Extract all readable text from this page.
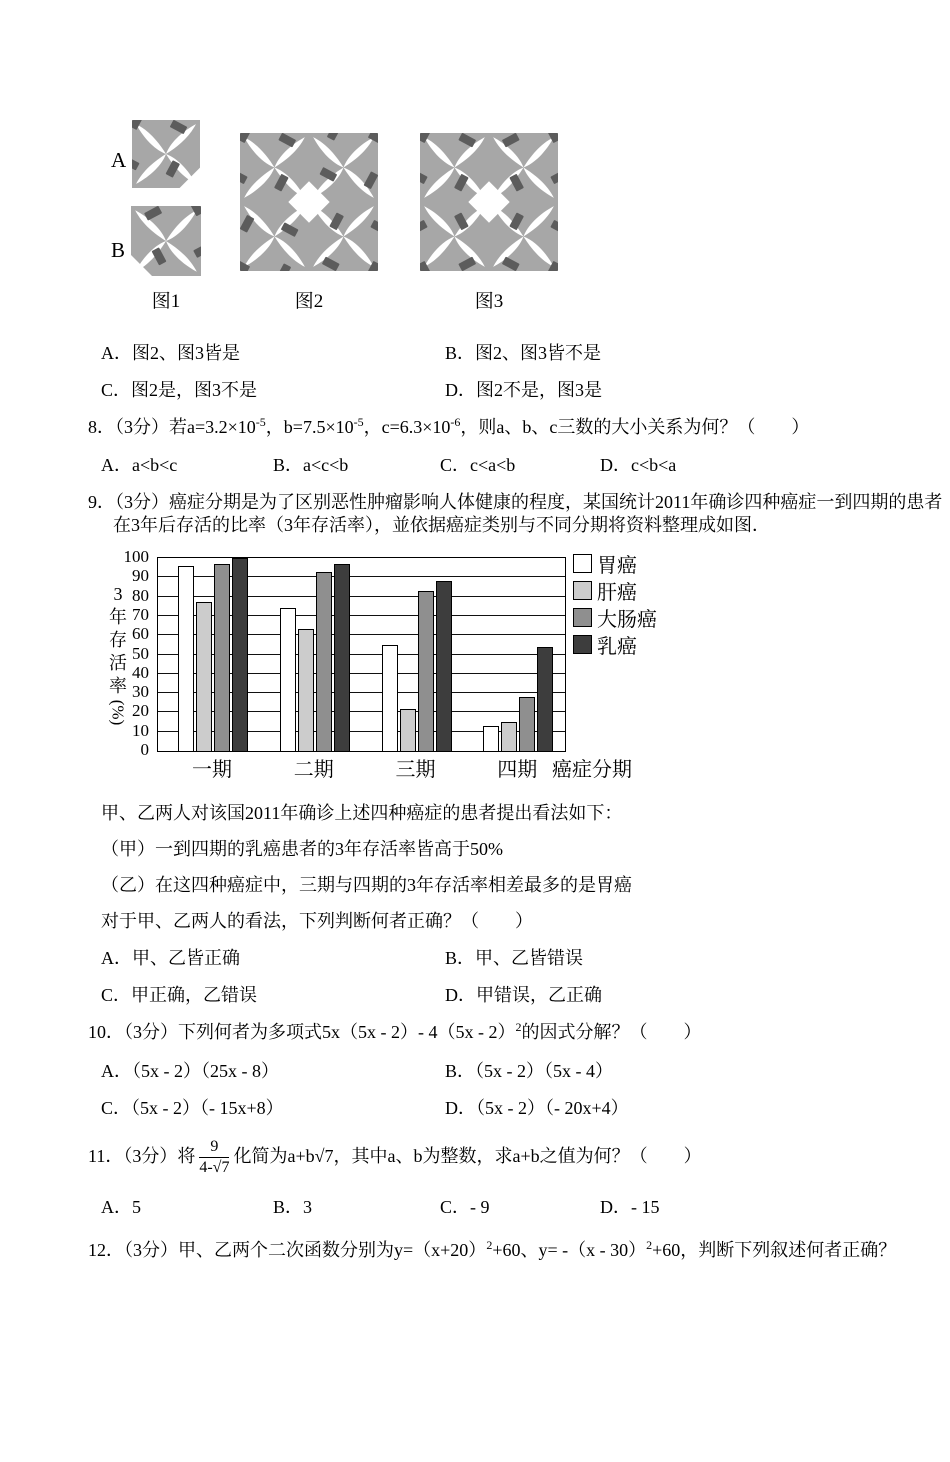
A
B
图1	图2	图3
A．图2、图3皆是	B．图2、图3皆不是
C．图2是，图3不是	D．图2不是，图3是

8．（3分）若$a=3.2\times 10^{-5}$，$b=7.5\times 10^{-5}$，$c=6.3\times 10^{-6}$，则a、b、c三数的大小关系为何？（　　）

A．a<b<c	B．a<c<b	C．c<a<b	D．c<b<a

9．（3分）癌症分期是为了区别恶性肿瘤影响人体健康的程度，某国统计2011年确诊四种癌症一到四期的患者在3年后存活的比率（3年存活率），並依据癌症类别与不同分期将资料整理成如图．

3
年
存
活
率
(%)
0
10
20
30
40
50
60
70
80
90
100
一期	二期	三期	四期 癌症分期
胃癌
肝癌
大肠癌
乳癌

甲、乙两人对该国2011年确诊上述四种癌症的患者提出看法如下：

（甲）一到四期的乳癌患者的3年存活率皆高于50%

（乙）在这四种癌症中，三期与四期的3年存活率相差最多的是胃癌

对于甲、乙两人的看法，下列判断何者正确？（　　）

A．甲、乙皆正确	B．甲、乙皆错误
C．甲正确，乙错误	D．甲错误，乙正确

10．（3分）下列何者为多项式5x（5x - 2）- 4（5x - 2）$^2$的因式分解？（　　）

A．（5x - 2）（25x - 8）	B．（5x - 2）（5x - 4）
C．（5x - 2）（- 15x+8）	D．（5x - 2）（- 20x+4）

11．（3分）将 $\frac{9}{4-√7}$ 化简为a+b√7，其中a、b为整数，求a+b之值为何？（　　）

A．5	B．3	C．- 9	D．- 15

12．（3分）甲、乙两个二次函数分别为$y=(x+20)^2+60$、y= -（x - 30）$^2$+60，判断下列叙述何者正确？
